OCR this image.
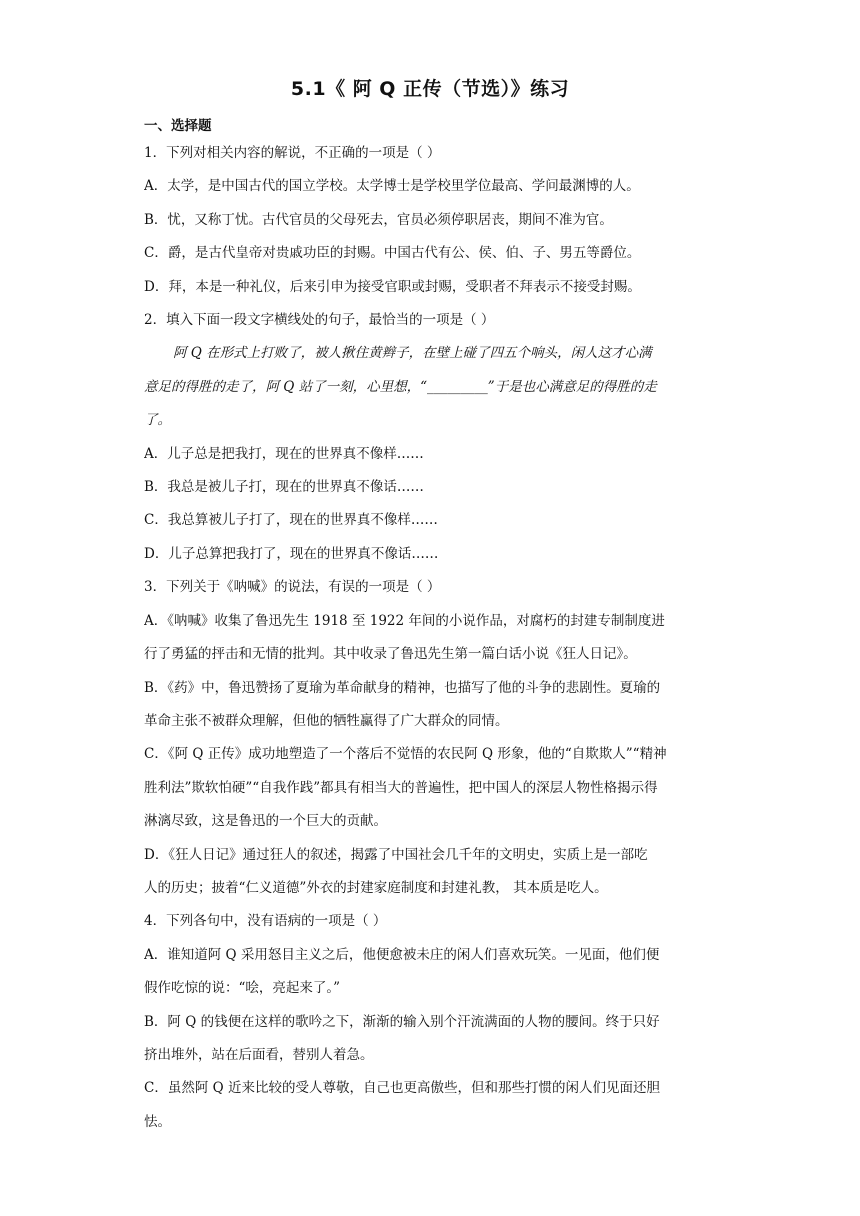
5.1《 阿 Q 正传（节选）》练习
一、选择题
1．下列对相关内容的解说，不正确的一项是（ ）
A．太学，是中国古代的国立学校。太学博士是学校里学位最高、学问最渊博的人。
B．忧，又称丁忧。古代官员的父母死去，官员必须停职居丧，期间不准为官。
C．爵，是古代皇帝对贵戚功臣的封赐。中国古代有公、侯、伯、子、男五等爵位。
D．拜，本是一种礼仪，后来引申为接受官职或封赐，受职者不拜表示不接受封赐。
2．填入下面一段文字横线处的句子，最恰当的一项是（ ）
阿 Q 在形式上打败了，被人揪住黄辫子，在壁上碰了四五个响头，闲人这才心满
意足的得胜的走了，阿 Q 站了一刻，心里想，“_________”于是也心满意足的得胜的走
了。
A．儿子总是把我打，现在的世界真不像样……
B．我总是被儿子打，现在的世界真不像话……
C．我总算被儿子打了，现在的世界真不像样……
D．儿子总算把我打了，现在的世界真不像话……
3．下列关于《呐喊》的说法，有误的一项是（ ）
A．《呐喊》收集了鲁迅先生 1918 至 1922 年间的小说作品，对腐朽的封建专制制度进
行了勇猛的抨击和无情的批判。其中收录了鲁迅先生第一篇白话小说《狂人日记》。
B．《药》中，鲁迅赞扬了夏瑜为革命献身的精神，也描写了他的斗争的悲剧性。夏瑜的
革命主张不被群众理解，但他的牺牲赢得了广大群众的同情。
C．《阿 Q 正传》成功地塑造了一个落后不觉悟的农民阿 Q 形象，他的“自欺欺人”“精神
胜利法”欺软怕硬”“自我作践”都具有相当大的普遍性，把中国人的深层人物性格揭示得
淋漓尽致，这是鲁迅的一个巨大的贡献。
D．《狂人日记》通过狂人的叙述，揭露了中国社会几千年的文明史，实质上是一部吃
人的历史；披着“仁义道德”外衣的封建家庭制度和封建礼教， 其本质是吃人。
4．下列各句中，没有语病的一项是（ ）
A．谁知道阿 Q 采用怒目主义之后，他便愈被未庄的闲人们喜欢玩笑。一见面，他们便
假作吃惊的说：“哙，亮起来了。”
B．阿 Q 的钱便在这样的歌吟之下，渐渐的输入别个汗流满面的人物的腰间。终于只好
挤出堆外，站在后面看，替别人着急。
C．虽然阿 Q 近来比较的受人尊敬，自己也更高傲些，但和那些打惯的闲人们见面还胆
怯。
